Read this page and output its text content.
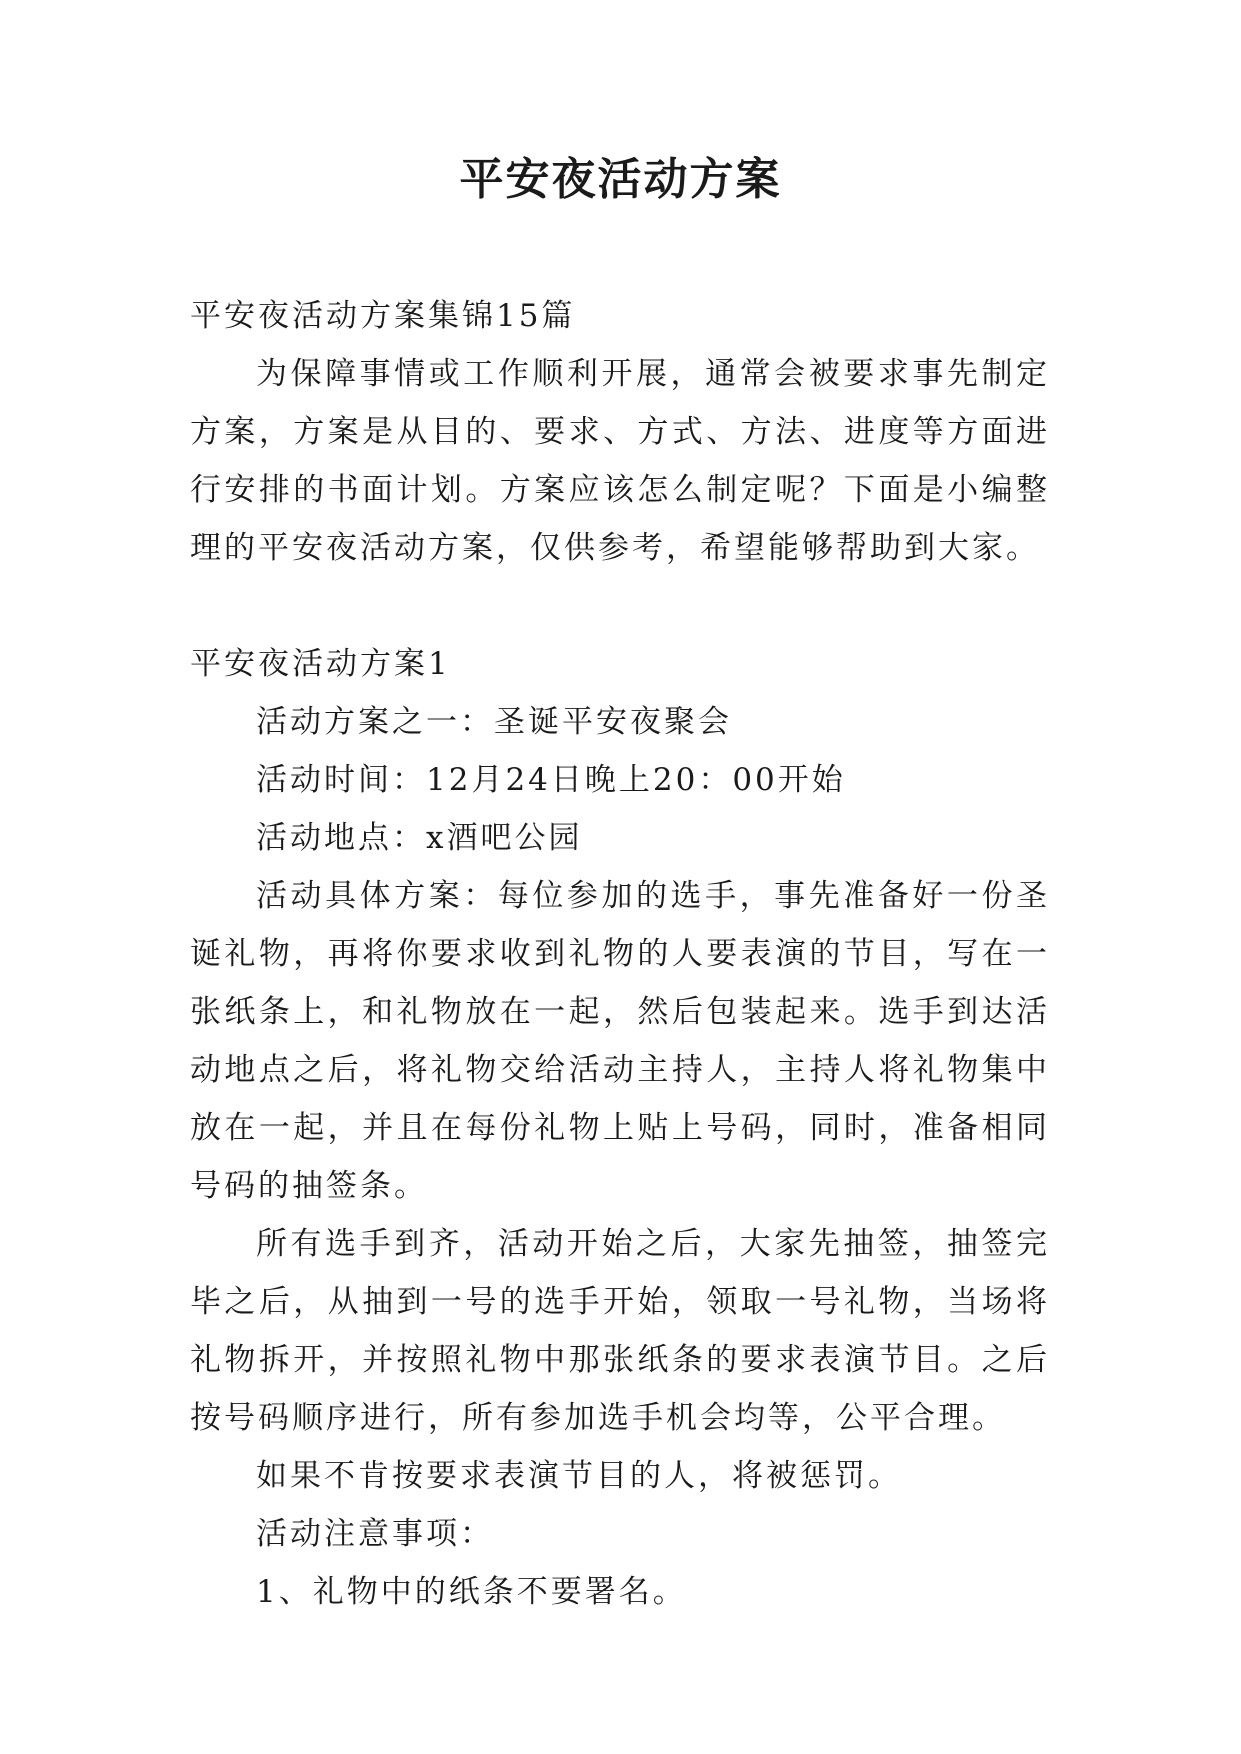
平安夜活动方案

平安夜活动方案集锦15篇

为保障事情或工作顺利开展，通常会被要求事先制定方案，方案是从目的、要求、方式、方法、进度等方面进行安排的书面计划。方案应该怎么制定呢？下面是小编整理的平安夜活动方案，仅供参考，希望能够帮助到大家。

平安夜活动方案1

活动方案之一：圣诞平安夜聚会

活动时间：12月24日晚上20：00开始

活动地点：x酒吧公园

活动具体方案：每位参加的选手，事先准备好一份圣诞礼物，再将你要求收到礼物的人要表演的节目，写在一张纸条上，和礼物放在一起，然后包装起来。选手到达活动地点之后，将礼物交给活动主持人，主持人将礼物集中放在一起，并且在每份礼物上贴上号码，同时，准备相同号码的抽签条。

所有选手到齐，活动开始之后，大家先抽签，抽签完毕之后，从抽到一号的选手开始，领取一号礼物，当场将礼物拆开，并按照礼物中那张纸条的要求表演节目。之后按号码顺序进行，所有参加选手机会均等，公平合理。

如果不肯按要求表演节目的人，将被惩罚。

活动注意事项：

1、礼物中的纸条不要署名。
